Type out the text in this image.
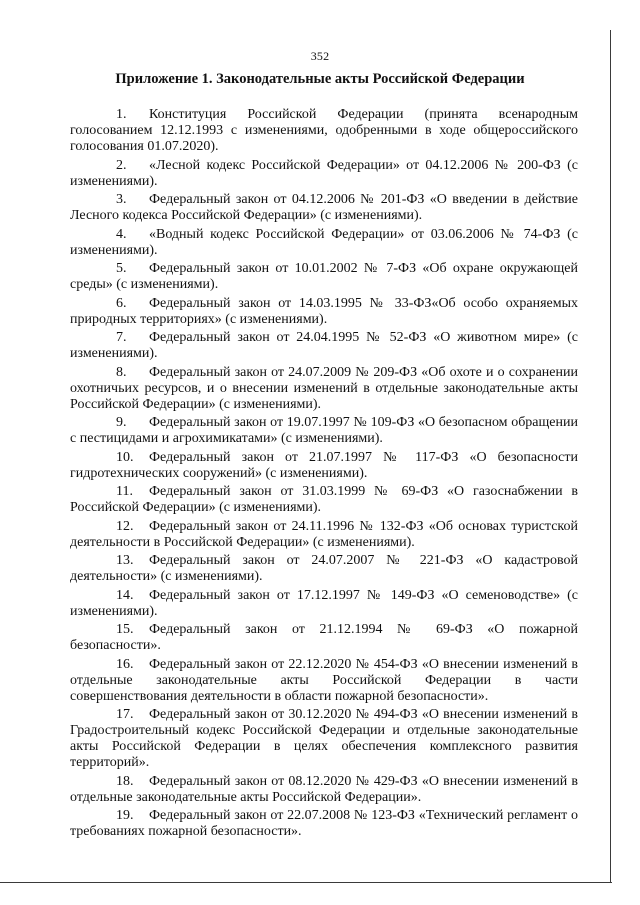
352
Приложение 1. Законодательные акты Российской Федерации

1. Конституция Российской Федерации (принята всенародным голосованием 12.12.1993 с изменениями, одобренными в ходе общероссийского голосования 01.07.2020).

2. «Лесной кодекс Российской Федерации» от 04.12.2006 № 200-ФЗ (с изменениями).

3. Федеральный закон от 04.12.2006 № 201-ФЗ «О введении в действие Лесного кодекса Российской Федерации» (с изменениями).

4. «Водный кодекс Российской Федерации» от 03.06.2006 № 74-ФЗ (с изменениями).

5. Федеральный закон от 10.01.2002 № 7-ФЗ «Об охране окружающей среды» (с изменениями).

6. Федеральный закон от 14.03.1995 № 33-ФЗ«Об особо охраняемых природных территориях» (с изменениями).

7. Федеральный закон от 24.04.1995 № 52-ФЗ «О животном мире» (с изменениями).

8. Федеральный закон от 24.07.2009 № 209-ФЗ «Об охоте и о сохранении охотничьих ресурсов, и о внесении изменений в отдельные законодательные акты Российской Федерации» (с изменениями).

9. Федеральный закон от 19.07.1997 № 109-ФЗ «О безопасном обращении с пестицидами и агрохимикатами» (с изменениями).

10. Федеральный закон от 21.07.1997 № 117-ФЗ «О безопасности гидротехнических сооружений» (с изменениями).

11. Федеральный закон от 31.03.1999 № 69-ФЗ «О газоснабжении в Российской Федерации» (с изменениями).

12. Федеральный закон от 24.11.1996 № 132-ФЗ «Об основах туристской деятельности в Российской Федерации» (с изменениями).

13. Федеральный закон от 24.07.2007 № 221-ФЗ «О кадастровой деятельности» (с изменениями).

14. Федеральный закон от 17.12.1997 № 149-ФЗ «О семеноводстве» (с изменениями).

15. Федеральный закон от 21.12.1994 № 69-ФЗ «О пожарной безопасности».

16. Федеральный закон от 22.12.2020 № 454-ФЗ «О внесении изменений в отдельные законодательные акты Российской Федерации в части совершенствования деятельности в области пожарной безопасности».

17. Федеральный закон от 30.12.2020 № 494-ФЗ «О внесении изменений в Градостроительный кодекс Российской Федерации и отдельные законодательные акты Российской Федерации в целях обеспечения комплексного развития территорий».

18. Федеральный закон от 08.12.2020 № 429-ФЗ «О внесении изменений в отдельные законодательные акты Российской Федерации».

19. Федеральный закон от 22.07.2008 № 123-ФЗ «Технический регламент о требованиях пожарной безопасности».
